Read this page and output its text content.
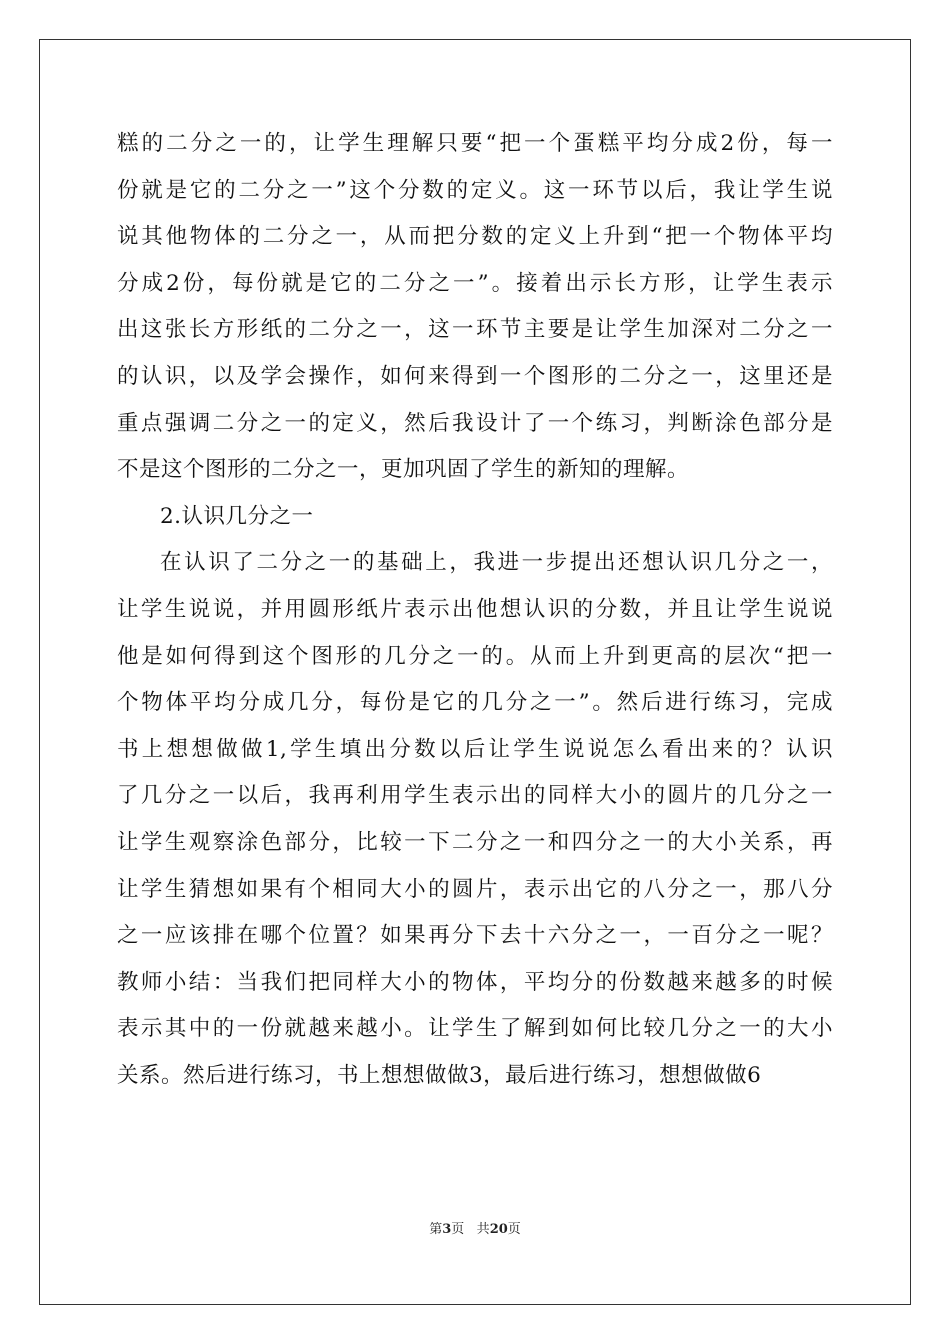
糕的二分之一的，让学生理解只要“把一个蛋糕平均分成2份，每一
份就是它的二分之一”这个分数的定义。这一环节以后，我让学生说
说其他物体的二分之一，从而把分数的定义上升到“把一个物体平均
分成2份，每份就是它的二分之一”。接着出示长方形，让学生表示
出这张长方形纸的二分之一，这一环节主要是让学生加深对二分之一
的认识，以及学会操作，如何来得到一个图形的二分之一，这里还是
重点强调二分之一的定义，然后我设计了一个练习，判断涂色部分是
不是这个图形的二分之一，更加巩固了学生的新知的理解。
2.认识几分之一
在认识了二分之一的基础上，我进一步提出还想认识几分之一，
让学生说说，并用圆形纸片表示出他想认识的分数，并且让学生说说
他是如何得到这个图形的几分之一的。从而上升到更高的层次“把一
个物体平均分成几分，每份是它的几分之一”。然后进行练习，完成
书上想想做做1,学生填出分数以后让学生说说怎么看出来的？认识
了几分之一以后，我再利用学生表示出的同样大小的圆片的几分之一
让学生观察涂色部分，比较一下二分之一和四分之一的大小关系，再
让学生猜想如果有个相同大小的圆片，表示出它的八分之一，那八分
之一应该排在哪个位置？如果再分下去十六分之一，一百分之一呢？
教师小结：当我们把同样大小的物体，平均分的份数越来越多的时候
表示其中的一份就越来越小。让学生了解到如何比较几分之一的大小
关系。然后进行练习，书上想想做做3，最后进行练习，想想做做6
第3页 共20页
